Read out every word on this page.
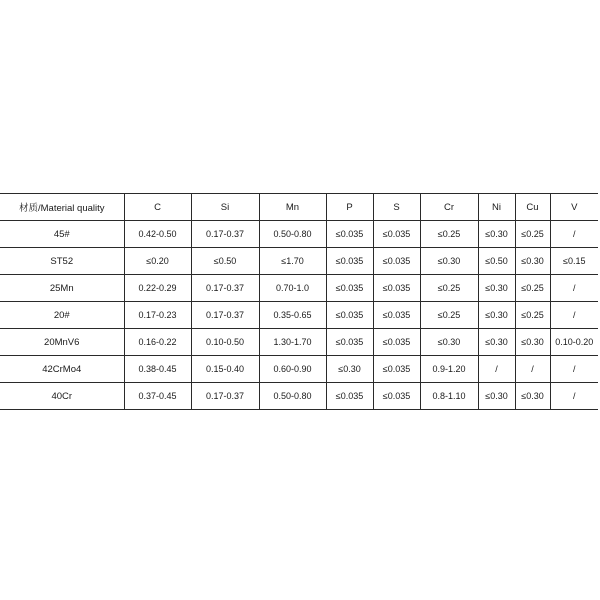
材质/Material quality	C	Si	Mn	P	S	Cr	Ni	Cu	V
45#	0.42-0.50	0.17-0.37	0.50-0.80	≤0.035	≤0.035	≤0.25	≤0.30	≤0.25	/
ST52	≤0.20	≤0.50	≤1.70	≤0.035	≤0.035	≤0.30	≤0.50	≤0.30	≤0.15
25Mn	0.22-0.29	0.17-0.37	0.70-1.0	≤0.035	≤0.035	≤0.25	≤0.30	≤0.25	/
20#	0.17-0.23	0.17-0.37	0.35-0.65	≤0.035	≤0.035	≤0.25	≤0.30	≤0.25	/
20MnV6	0.16-0.22	0.10-0.50	1.30-1.70	≤0.035	≤0.035	≤0.30	≤0.30	≤0.30	0.10-0.20
42CrMo4	0.38-0.45	0.15-0.40	0.60-0.90	≤0.30	≤0.035	0.9-1.20	/	/	/
40Cr	0.37-0.45	0.17-0.37	0.50-0.80	≤0.035	≤0.035	0.8-1.10	≤0.30	≤0.30	/
